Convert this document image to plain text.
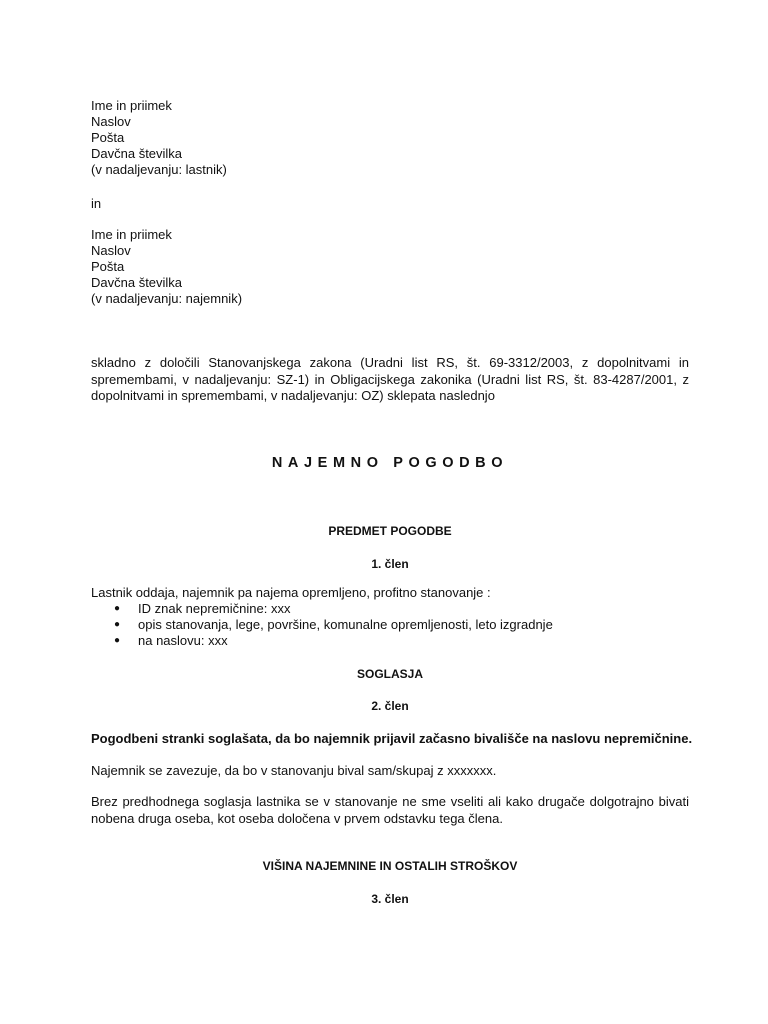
Ime in priimek
Naslov
Pošta
Davčna številka
(v nadaljevanju: lastnik)
in
Ime in priimek
Naslov
Pošta
Davčna številka
(v nadaljevanju: najemnik)
skladno z določili Stanovanjskega zakona (Uradni list RS, št. 69-3312/2003, z dopolnitvami in spremembami, v nadaljevanju: SZ-1) in Obligacijskega zakonika (Uradni list RS, št. 83-4287/2001, z dopolnitvami in spremembami, v nadaljevanju: OZ) sklepata naslednjo
NAJEMNO POGODBO
PREDMET POGODBE
1. člen
Lastnik oddaja, najemnik pa najema opremljeno, profitno stanovanje :
● ID znak nepremičnine: xxx
● opis stanovanja, lege, površine, komunalne opremljenosti, leto izgradnje
● na naslovu: xxx
SOGLASJA
2. člen
Pogodbeni stranki soglašata, da bo najemnik prijavil začasno bivališče na naslovu nepremičnine.
Najemnik se zavezuje, da bo v stanovanju bival sam/skupaj z xxxxxxx.
Brez predhodnega soglasja lastnika se v stanovanje ne sme vseliti ali kako drugače dolgotrajno bivati nobena druga oseba, kot oseba določena v prvem odstavku tega člena.
VIŠINA NAJEMNINE IN OSTALIH STROŠKOV
3. člen
